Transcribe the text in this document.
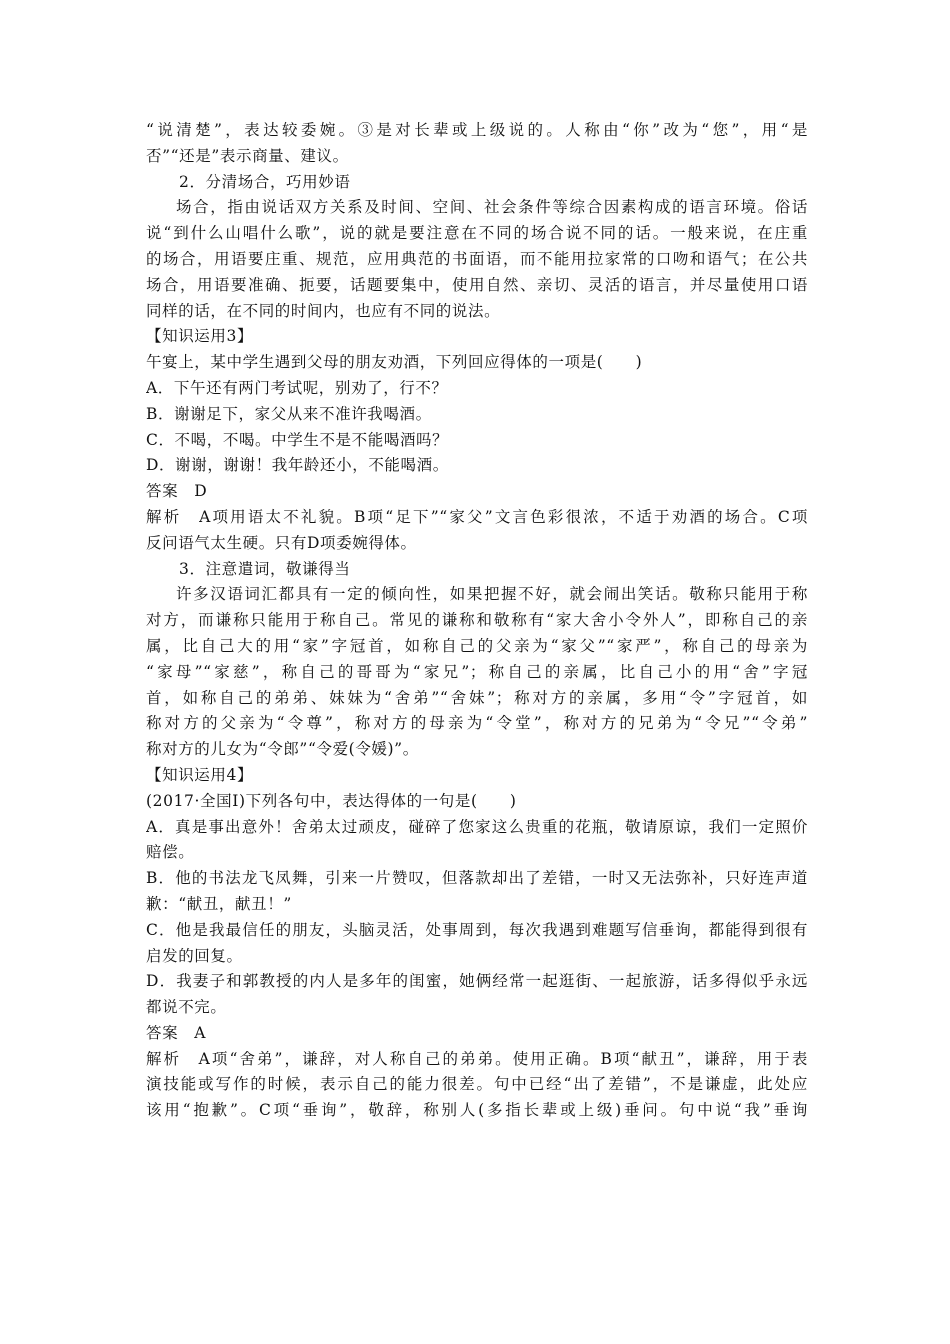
“说清楚”，表达较委婉。③是对长辈或上级说的。人称由“你”改为“您”，用“是
否”“还是”表示商量、建议。
2．分清场合，巧用妙语
场合，指由说话双方关系及时间、空间、社会条件等综合因素构成的语言环境。俗话
说“到什么山唱什么歌”，说的就是要注意在不同的场合说不同的话。一般来说，在庄重
的场合，用语要庄重、规范，应用典范的书面语，而不能用拉家常的口吻和语气；在公共
场合，用语要准确、扼要，话题要集中，使用自然、亲切、灵活的语言，并尽量使用口语
同样的话，在不同的时间内，也应有不同的说法。
【知识运用3】
午宴上，某中学生遇到父母的朋友劝酒，下列回应得体的一项是(　　)
A．下午还有两门考试呢，别劝了，行不？
B．谢谢足下，家父从来不准许我喝酒。
C．不喝，不喝。中学生不是不能喝酒吗？
D．谢谢，谢谢！我年龄还小，不能喝酒。
答案　D
解析　A项用语太不礼貌。B项“足下”“家父”文言色彩很浓，不适于劝酒的场合。C项
反问语气太生硬。只有D项委婉得体。
3．注意遣词，敬谦得当
许多汉语词汇都具有一定的倾向性，如果把握不好，就会闹出笑话。敬称只能用于称
对方，而谦称只能用于称自己。常见的谦称和敬称有“家大舍小令外人”，即称自己的亲
属，比自己大的用“家”字冠首，如称自己的父亲为“家父”“家严”，称自己的母亲为
“家母”“家慈”，称自己的哥哥为“家兄”；称自己的亲属，比自己小的用“舍”字冠
首，如称自己的弟弟、妹妹为“舍弟”“舍妹”；称对方的亲属，多用“令”字冠首，如
称对方的父亲为“令尊”，称对方的母亲为“令堂”，称对方的兄弟为“令兄”“令弟”
称对方的儿女为“令郎”“令爱(令媛)”。
【知识运用4】
(2017·全国Ⅰ)下列各句中，表达得体的一句是(　　)
A．真是事出意外！舍弟太过顽皮，碰碎了您家这么贵重的花瓶，敬请原谅，我们一定照价
赔偿。
B．他的书法龙飞凤舞，引来一片赞叹，但落款却出了差错，一时又无法弥补，只好连声道
歉：“献丑，献丑！”
C．他是我最信任的朋友，头脑灵活，处事周到，每次我遇到难题写信垂询，都能得到很有
启发的回复。
D．我妻子和郭教授的内人是多年的闺蜜，她俩经常一起逛街、一起旅游，话多得似乎永远
都说不完。
答案　A
解析　A项“舍弟”，谦辞，对人称自己的弟弟。使用正确。B项“献丑”，谦辞，用于表
演技能或写作的时候，表示自己的能力很差。句中已经“出了差错”，不是谦虚，此处应
该用“抱歉”。C项“垂询”，敬辞，称别人(多指长辈或上级)垂问。句中说“我”垂询
